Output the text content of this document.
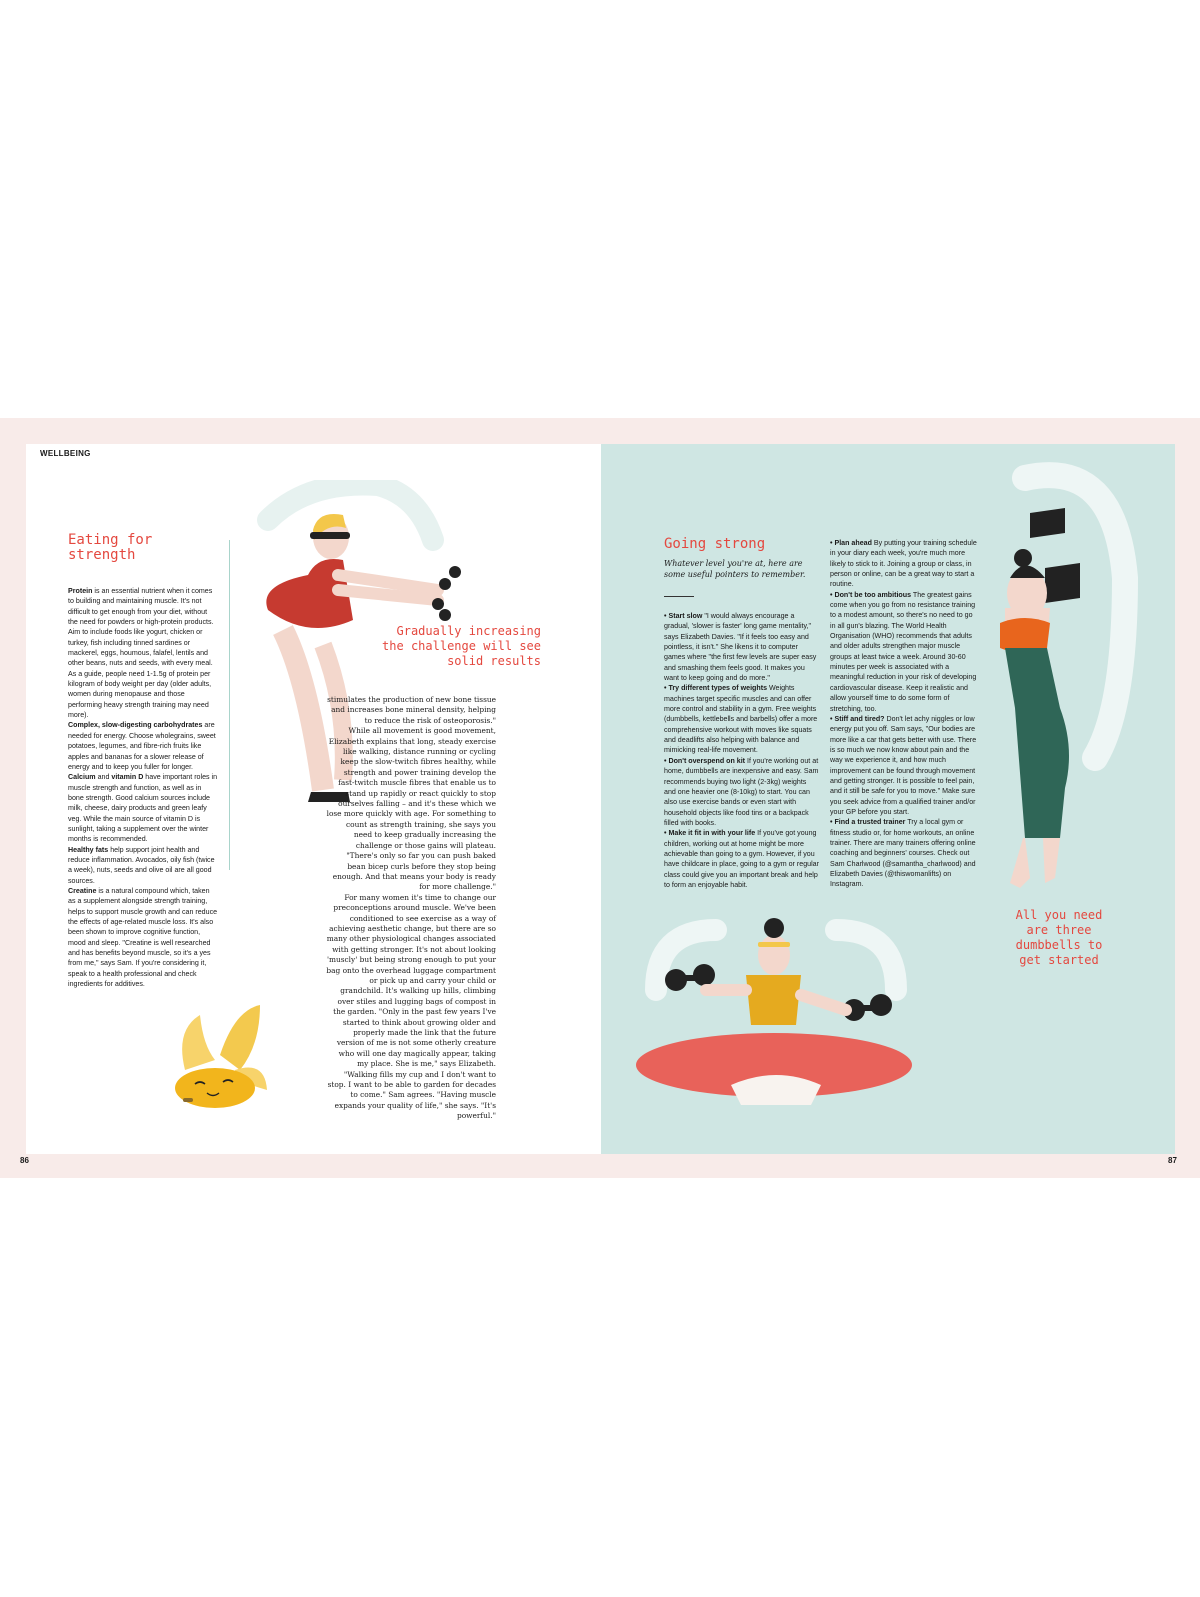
WELLBEING
86	87
Eating for strength

Protein is an essential nutrient when it comes to building and maintaining muscle. It's not difficult to get enough from your diet, without the need for powders or high-protein products. Aim to include foods like yogurt, chicken or turkey, fish including tinned sardines or mackerel, eggs, houmous, falafel, lentils and other beans, nuts and seeds, with every meal. As a guide, people need 1-1.5g of protein per kilogram of body weight per day (older adults, women during menopause and those performing heavy strength training may need more).

Complex, slow-digesting carbohydrates are needed for energy. Choose wholegrains, sweet potatoes, legumes, and fibre-rich fruits like apples and bananas for a slower release of energy and to keep you fuller for longer.

Calcium and vitamin D have important roles in muscle strength and function, as well as in bone strength. Good calcium sources include milk, cheese, dairy products and green leafy veg. While the main source of vitamin D is sunlight, taking a supplement over the winter months is recommended.

Healthy fats help support joint health and reduce inflammation. Avocados, oily fish (twice a week), nuts, seeds and olive oil are all good sources.

Creatine is a natural compound which, taken as a supplement alongside strength training, helps to support muscle growth and can reduce the effects of age-related muscle loss. It's also been shown to improve cognitive function, mood and sleep. "Creatine is well researched and has benefits beyond muscle, so it's a yes from me," says Sam. If you're considering it, speak to a health professional and check ingredients for additives.

Gradually increasing the challenge will see solid results

stimulates the production of new bone tissue and increases bone mineral density, helping to reduce the risk of osteoporosis."

While all movement is good movement, Elizabeth explains that long, steady exercise like walking, distance running or cycling keep the slow-twitch fibres healthy, while strength and power training develop the fast-twitch muscle fibres that enable us to stand up rapidly or react quickly to stop ourselves falling – and it's these which we lose more quickly with age. For something to count as strength training, she says you need to keep gradually increasing the challenge or those gains will plateau. "There's only so far you can push baked bean bicep curls before they stop being enough. And that means your body is ready for more challenge."

For many women it's time to change our preconceptions around muscle. We've been conditioned to see exercise as a way of achieving aesthetic change, but there are so many other physiological changes associated with getting stronger. It's not about looking 'muscly' but being strong enough to put your bag onto the overhead luggage compartment or pick up and carry your child or grandchild. It's walking up hills, climbing over stiles and lugging bags of compost in the garden. "Only in the past few years I've started to think about growing older and properly made the link that the future version of me is not some otherly creature who will one day magically appear, taking my place. She is me," says Elizabeth. "Walking fills my cup and I don't want to stop. I want to be able to garden for decades to come." Sam agrees. "Having muscle expands your quality of life," she says. "It's powerful."

Going strong
Whatever level you're at, here are some useful pointers to remember.
• Start slow "I would always encourage a gradual, 'slower is faster' long game mentality," says Elizabeth Davies. "If it feels too easy and pointless, it isn't." She likens it to computer games where "the first few levels are super easy and smashing them feels good. It makes you want to keep going and do more."
• Try different types of weights Weights machines target specific muscles and can offer more control and stability in a gym. Free weights (dumbbells, kettlebells and barbells) offer a more comprehensive workout with moves like squats and deadlifts also helping with balance and mimicking real-life movement.
• Don't overspend on kit If you're working out at home, dumbbells are inexpensive and easy. Sam recommends buying two light (2-3kg) weights and one heavier one (8-10kg) to start. You can also use exercise bands or even start with household objects like food tins or a backpack filled with books.
• Make it fit in with your life If you've got young children, working out at home might be more achievable than going to a gym. However, if you have childcare in place, going to a gym or regular class could give you an important break and help to form an enjoyable habit.
• Plan ahead By putting your training schedule in your diary each week, you're much more likely to stick to it. Joining a group or class, in person or online, can be a great way to start a routine.
• Don't be too ambitious The greatest gains come when you go from no resistance training to a modest amount, so there's no need to go in all gun's blazing. The World Health Organisation (WHO) recommends that adults and older adults strengthen major muscle groups at least twice a week. Around 30-60 minutes per week is associated with a meaningful reduction in your risk of developing cardiovascular disease. Keep it realistic and allow yourself time to do some form of stretching, too.
• Stiff and tired? Don't let achy niggles or low energy put you off. Sam says, "Our bodies are more like a car that gets better with use. There is so much we now know about pain and the way we experience it, and how much improvement can be found through movement and getting stronger. It is possible to feel pain, and it still be safe for you to move." Make sure you seek advice from a qualified trainer and/or your GP before you start.
• Find a trusted trainer Try a local gym or fitness studio or, for home workouts, an online trainer. There are many trainers offering online coaching and beginners' courses. Check out Sam Charlwood (@samantha_charlwood) and Elizabeth Davies (@thiswomanlifts) on Instagram.
All you need are three dumbbells to get started
